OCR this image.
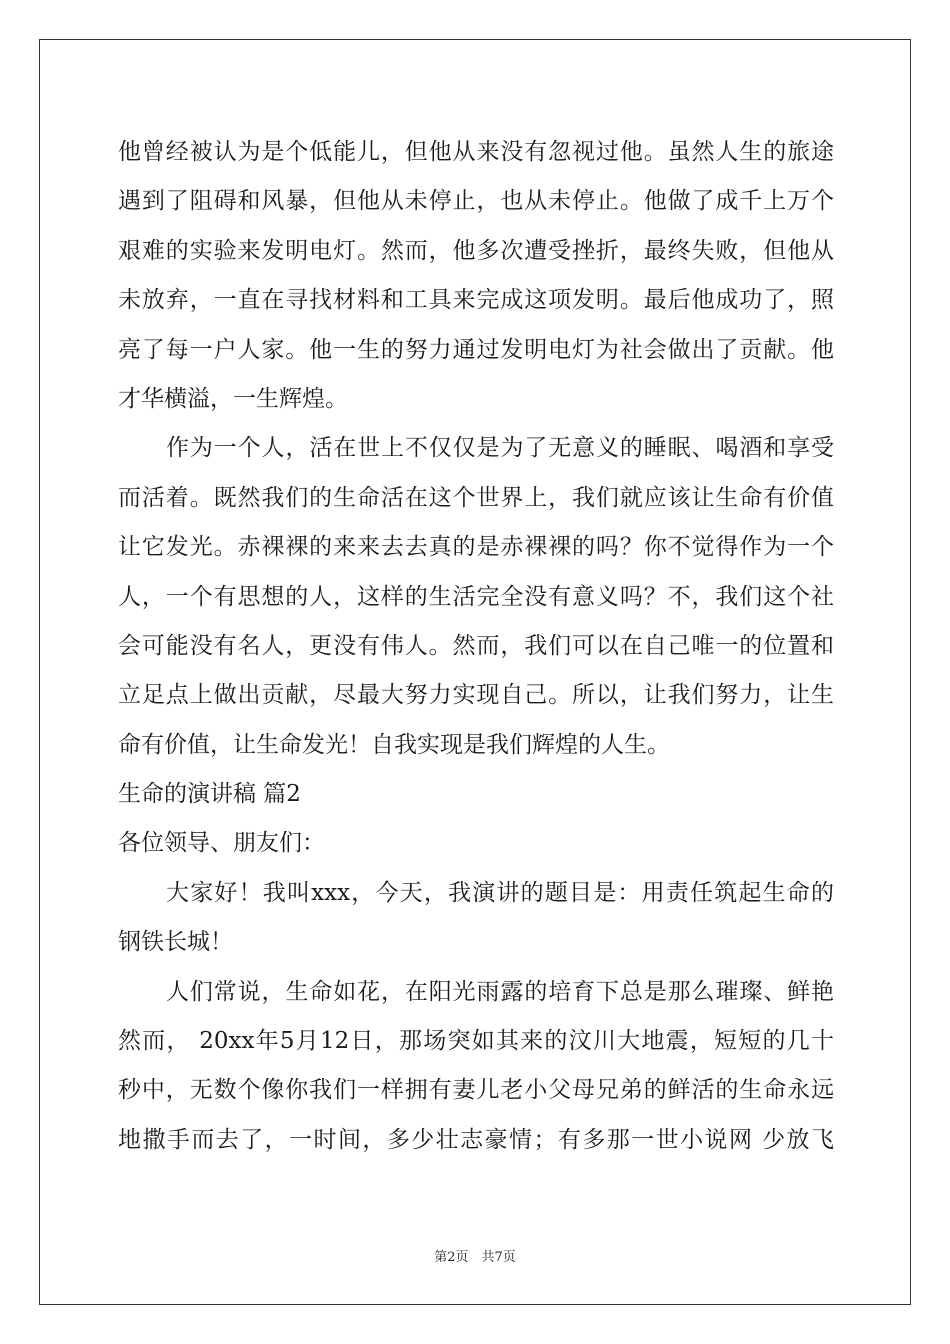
他曾经被认为是个低能儿，但他从来没有忽视过他。虽然人生的旅途
遇到了阻碍和风暴，但他从未停止，也从未停止。他做了成千上万个
艰难的实验来发明电灯。然而，他多次遭受挫折，最终失败，但他从
未放弃，一直在寻找材料和工具来完成这项发明。最后他成功了，照
亮了每一户人家。他一生的努力通过发明电灯为社会做出了贡献。他
才华横溢，一生辉煌。
作为一个人，活在世上不仅仅是为了无意义的睡眠、喝酒和享受
而活着。既然我们的生命活在这个世界上，我们就应该让生命有价值
让它发光。赤裸裸的来来去去真的是赤裸裸的吗？你不觉得作为一个
人，一个有思想的人，这样的生活完全没有意义吗？不，我们这个社
会可能没有名人，更没有伟人。然而，我们可以在自己唯一的位置和
立足点上做出贡献，尽最大努力实现自己。所以，让我们努力，让生
命有价值，让生命发光！自我实现是我们辉煌的人生。
生命的演讲稿 篇2
各位领导、朋友们：
大家好！我叫xxx，今天，我演讲的题目是：用责任筑起生命的
钢铁长城！
人们常说，生命如花，在阳光雨露的培育下总是那么璀璨、鲜艳
然而， 20xx年5月12日，那场突如其来的汶川大地震，短短的几十
秒中，无数个像你我们一样拥有妻儿老小父母兄弟的鲜活的生命永远
地撒手而去了，一时间，多少壮志豪情；有多那一世小说网 少放飞
第2页　共7页
